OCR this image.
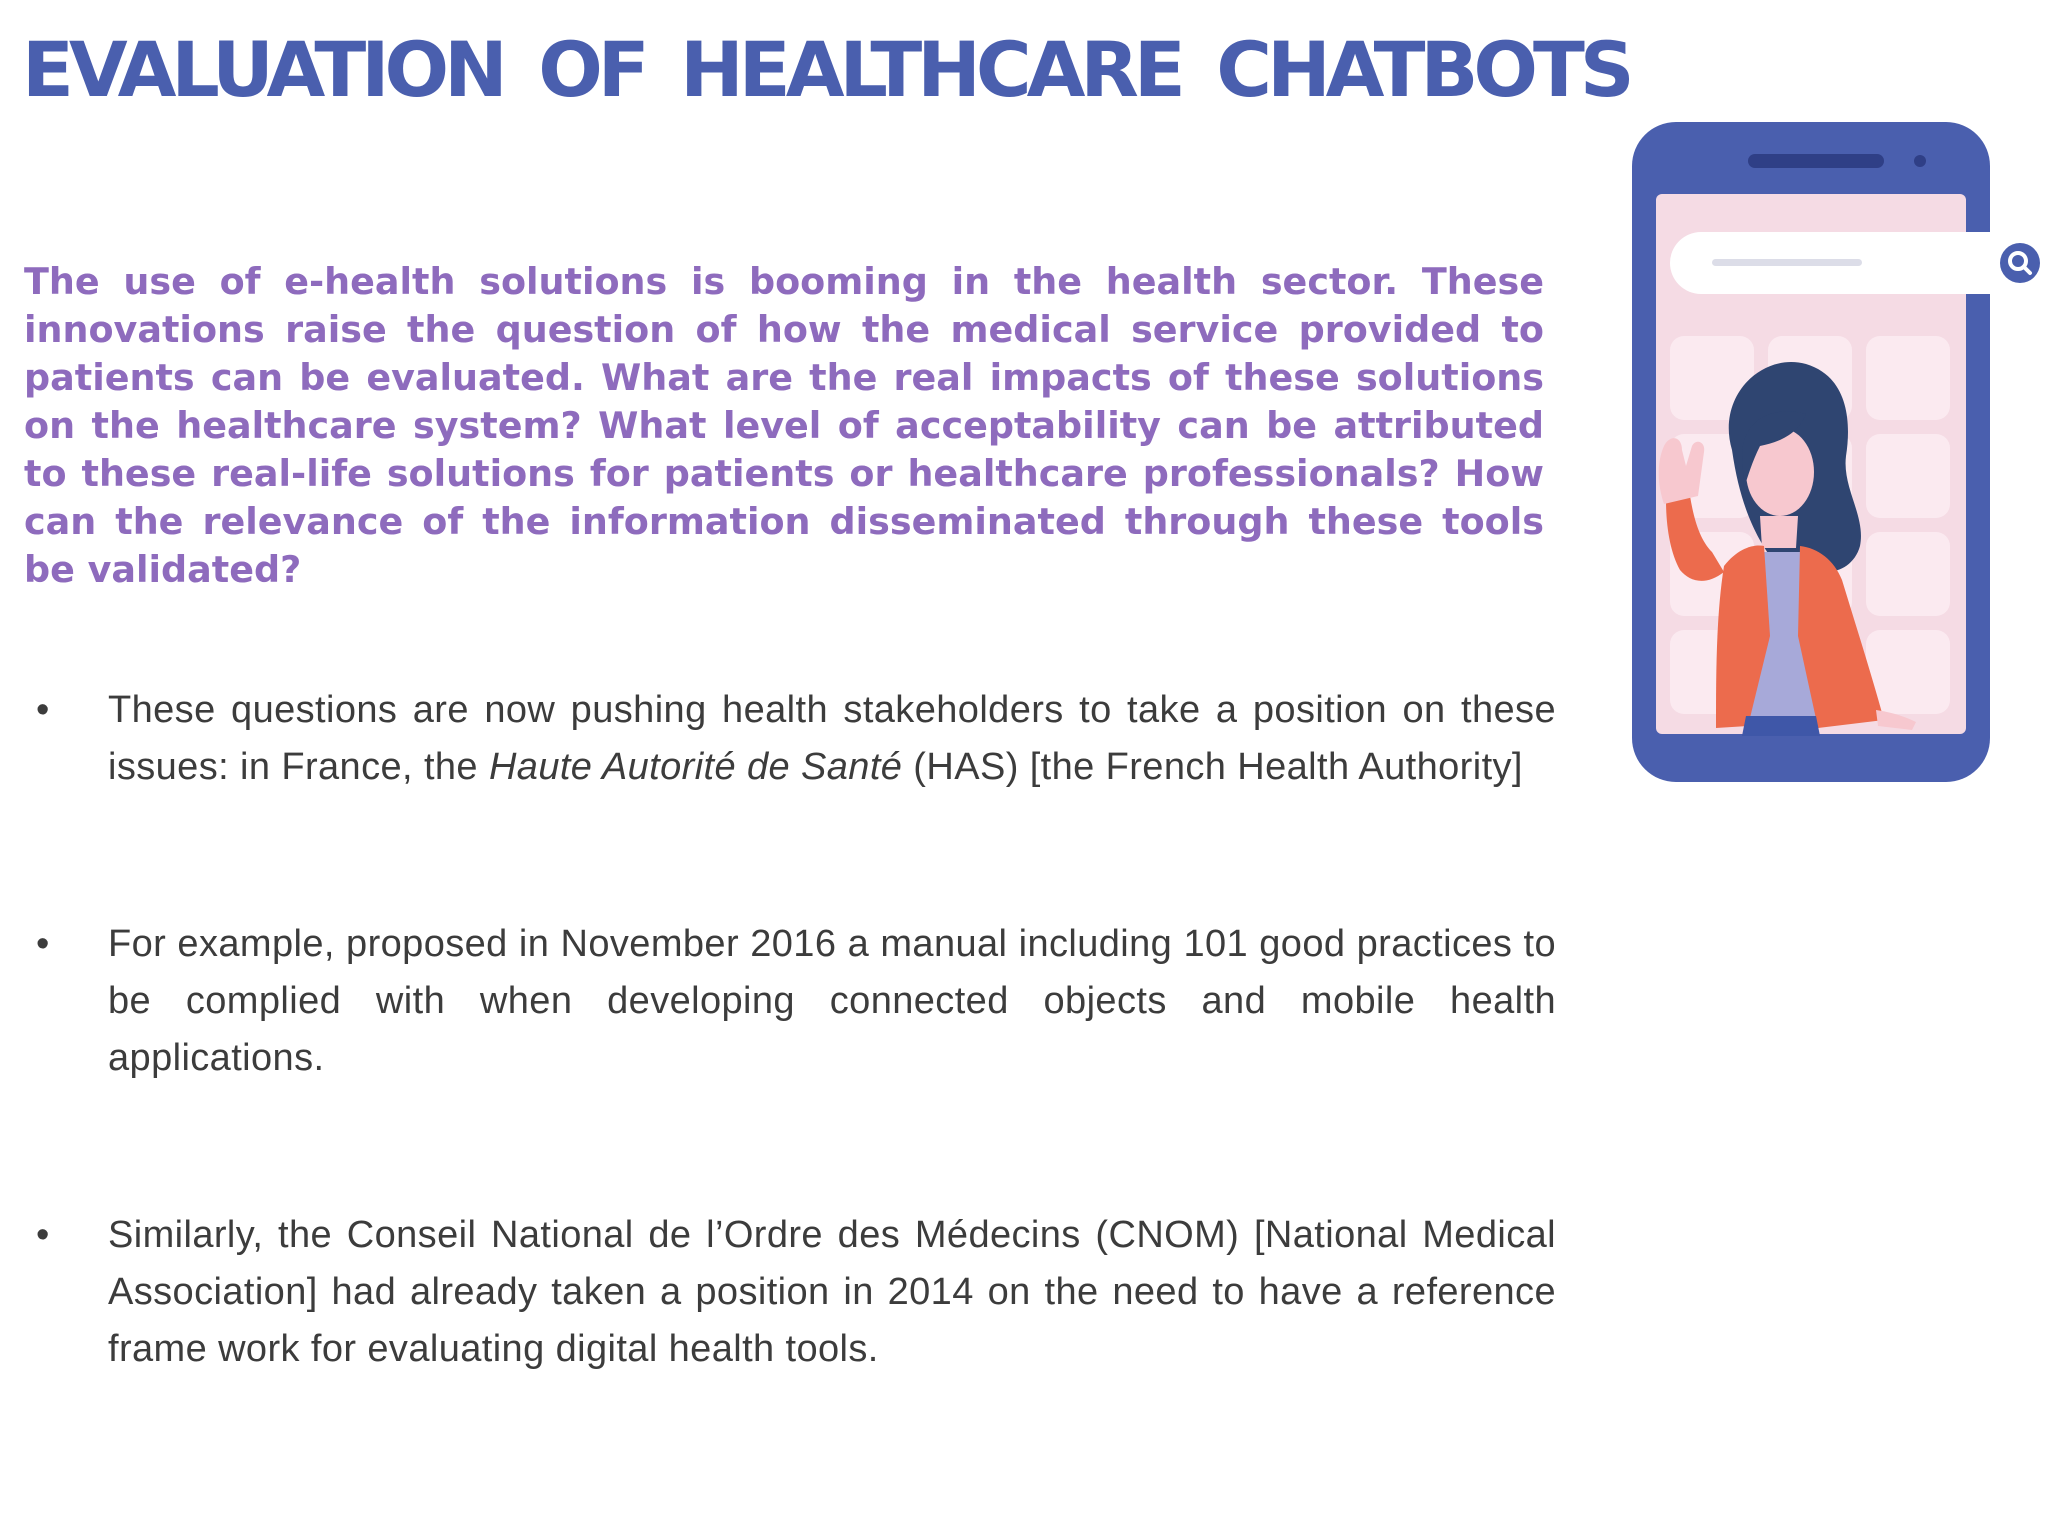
EVALUATION OF HEALTHCARE CHATBOTS

The use of e-health solutions is booming in the health sector. These innovations raise the question of how the medical service provided to patients can be evaluated. What are the real impacts of these solutions on the healthcare system? What level of acceptability can be attributed to these real-life solutions for patients or healthcare professionals? How can the relevance of the information disseminated through these tools be validated?

•	These questions are now pushing health stakeholders to take a position on these issues: in France, the Haute Autorité de Santé (HAS) [the French Health Authority]
•	For example, proposed in November 2016 a manual including 101 good practices to be complied with when developing connected objects and mobile health applications.
•	Similarly, the Conseil National de l’Ordre des Médecins (CNOM) [National Medical Association] had already taken a position in 2014 on the need to have a reference frame work for evaluating digital health tools.
